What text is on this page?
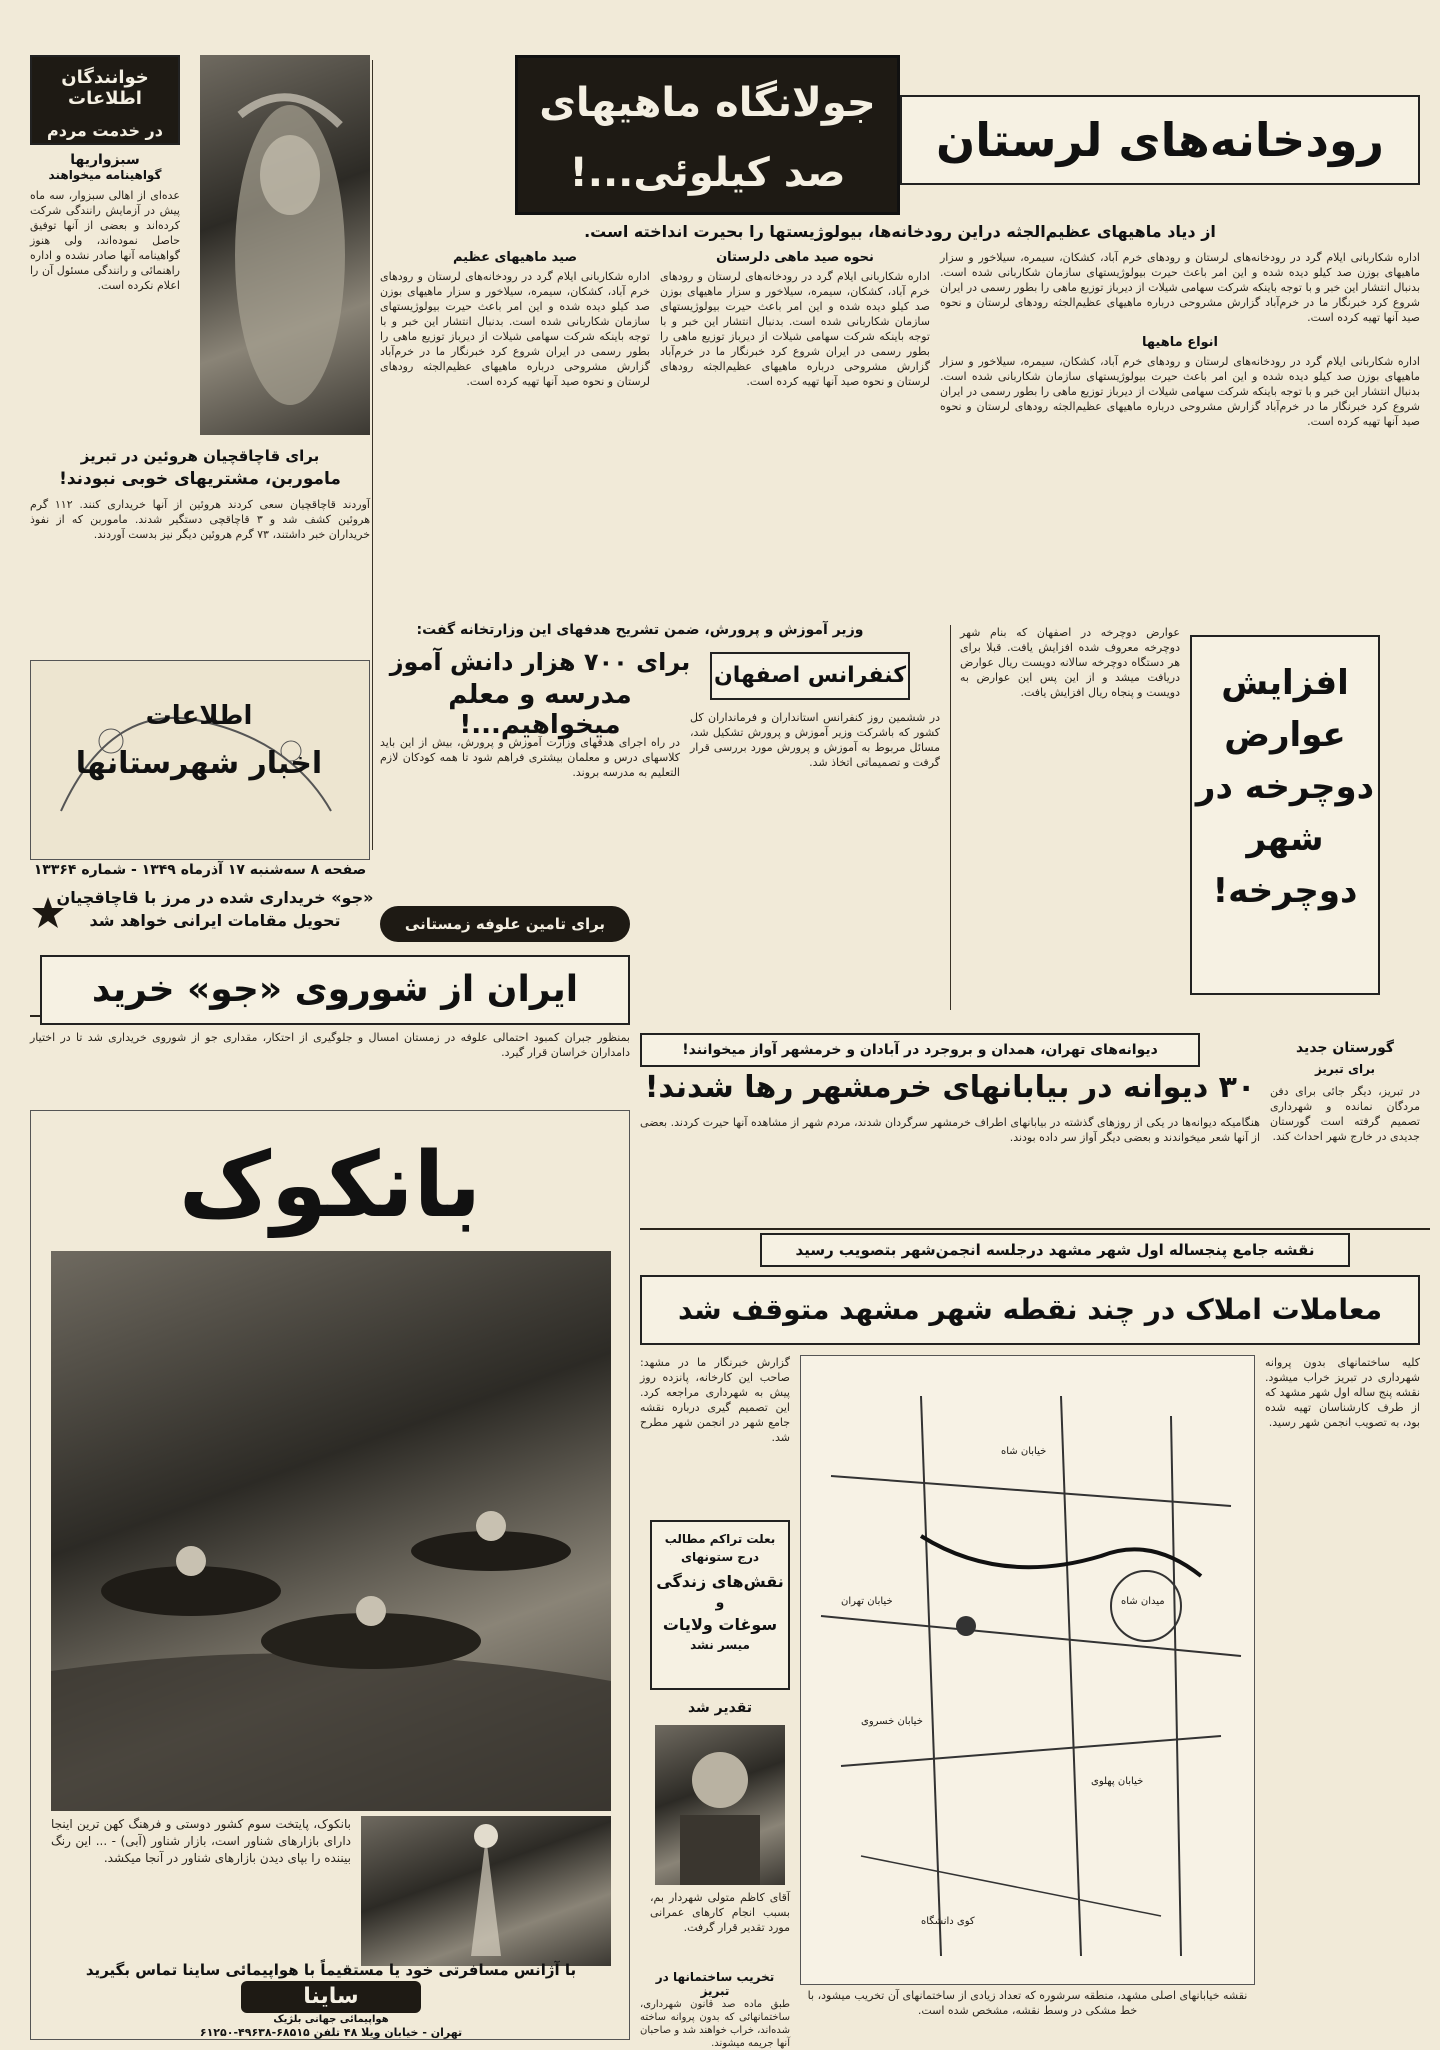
خوانندگان اطلاعات
در خدمت مردم
سبزواریها
گواهینامه میخواهند
عده‌ای از اهالی سبزوار، سه ماه پیش در آزمایش رانندگی شرکت کرده‌اند و بعضی از آنها توفیق حاصل نموده‌اند، ولی هنوز گواهینامه آنها صادر نشده و اداره راهنمائی و رانندگی مسئول آن را اعلام نکرده است.
رودخانه‌های لرستان
جولانگاه ماهیهای صد کیلوئی...!
از دیاد ماهیهای عظیم‌الجثه دراین رودخانه‌ها، بیولوژیستها را بحیرت انداخته است.
اداره شکاربانی ایلام گرد در رودخانه‌های لرستان و رودهای خرم آباد، کشکان، سیمره، سیلاخور و سزار ماهیهای بوزن صد کیلو دیده شده و این امر باعث حیرت بیولوژیستهای سازمان شکاربانی شده است. بدنبال انتشار این خبر و با توجه باینکه شرکت سهامی شیلات از دیرباز توزیع ماهی را بطور رسمی در ایران شروع کرد خبرنگار ما در خرم‌آباد گزارش مشروحی درباره ماهیهای عظیم‌الجثه رودهای لرستان و نحوه صید آنها تهیه کرده است.
انواع ماهیها
اداره شکاربانی ایلام گرد در رودخانه‌های لرستان و رودهای خرم آباد، کشکان، سیمره، سیلاخور و سزار ماهیهای بوزن صد کیلو دیده شده و این امر باعث حیرت بیولوژیستهای سازمان شکاربانی شده است. بدنبال انتشار این خبر و با توجه باینکه شرکت سهامی شیلات از دیرباز توزیع ماهی را بطور رسمی در ایران شروع کرد خبرنگار ما در خرم‌آباد گزارش مشروحی درباره ماهیهای عظیم‌الجثه رودهای لرستان و نحوه صید آنها تهیه کرده است.
نحوه صید ماهی دلرستان
اداره شکاربانی ایلام گرد در رودخانه‌های لرستان و رودهای خرم آباد، کشکان، سیمره، سیلاخور و سزار ماهیهای بوزن صد کیلو دیده شده و این امر باعث حیرت بیولوژیستهای سازمان شکاربانی شده است. بدنبال انتشار این خبر و با توجه باینکه شرکت سهامی شیلات از دیرباز توزیع ماهی را بطور رسمی در ایران شروع کرد خبرنگار ما در خرم‌آباد گزارش مشروحی درباره ماهیهای عظیم‌الجثه رودهای لرستان و نحوه صید آنها تهیه کرده است.
صید ماهیهای عظیم
اداره شکاربانی ایلام گرد در رودخانه‌های لرستان و رودهای خرم آباد، کشکان، سیمره، سیلاخور و سزار ماهیهای بوزن صد کیلو دیده شده و این امر باعث حیرت بیولوژیستهای سازمان شکاربانی شده است. بدنبال انتشار این خبر و با توجه باینکه شرکت سهامی شیلات از دیرباز توزیع ماهی را بطور رسمی در ایران شروع کرد خبرنگار ما در خرم‌آباد گزارش مشروحی درباره ماهیهای عظیم‌الجثه رودهای لرستان و نحوه صید آنها تهیه کرده است.
برای قاچاقچیان هروئین در تبریز
ماموربن، مشتریهای خوبی نبودند!
آوردند قاچاقچیان سعی کردند هروئین از آنها خریداری کنند. ۱۱۲ گرم هروئین کشف شد و ۳ قاچاقچی دستگیر شدند. ماموربن که از نفوذ خریداران خبر داشتند، ۷۳ گرم هروئین دیگر نیز بدست آوردند.
وزیر آموزش و پرورش، ضمن تشریح هدفهای این وزارتخانه گفت:
برای ۷۰۰ هزار دانش آموز
مدرسه و معلم میخواهیم...!
در راه اجرای هدفهای وزارت آموزش و پرورش، بیش از این باید کلاسهای درس و معلمان بیشتری فراهم شود تا همه کودکان لازم التعلیم به مدرسه بروند.
کنفرانس اصفهان
در ششمین روز کنفرانس استانداران و فرمانداران کل کشور که باشرکت وزیر آموزش و پرورش تشکیل شد، مسائل مربوط به آموزش و پرورش مورد بررسی قرار گرفت و تصمیماتی اتخاذ شد.
عوارض دوچرخه در اصفهان که بنام شهر دوچرخه معروف شده افزایش یافت. قبلا برای هر دستگاه دوچرخه سالانه دویست ریال عوارض دریافت میشد و از این پس این عوارض به دویست و پنجاه ریال افزایش یافت.	افزایش عوارض دوچرخه در شهر دوچرخه!
اطلاعات
اخبار شهرستانها
صفحه ۸ سه‌شنبه ۱۷ آذرماه ۱۳۴۹ - شماره ۱۳۳۶۴
«جو» خریداری شده در مرز با قاچاقچیان
تحویل مقامات ایرانی خواهد شد	برای تامین علوفه زمستانی
ایران از شوروی «جو» خرید
بمنظور جبران کمبود احتمالی علوفه در زمستان امسال و جلوگیری از احتکار، مقداری جو از شوروی خریداری شد تا در اختیار دامداران خراسان قرار گیرد.	دیوانه‌های تهران، همدان و بروجرد در آبادان و خرمشهر آواز میخوانند!
۳۰ دیوانه در بیابانهای خرمشهر رها شدند!
هنگامیکه دیوانه‌ها در یکی از روزهای گذشته در بیابانهای اطراف خرمشهر سرگردان شدند، مردم شهر از مشاهده آنها حیرت کردند. بعضی از آنها شعر میخواندند و بعضی دیگر آواز سر داده بودند.
گورستان جدید
برای تبریز
در تبریز، دیگر جائی برای دفن مردگان نمانده و شهرداری تصمیم گرفته است گورستان جدیدی در خارج شهر احداث کند.
نقشه جامع پنجساله اول شهر مشهد درجلسه انجمن‌شهر بتصویب رسید
معاملات املاک در چند نقطه شهر مشهد متوقف شد
گزارش خبرنگار ما در مشهد: صاحب این کارخانه، پانزده روز پیش به شهرداری مراجعه کرد. این تصمیم گیری درباره نقشه جامع شهر در انجمن شهر مطرح شد.
کلیه ساختمانهای بدون پروانه شهرداری در تبریز خراب میشود. نقشه پنج ساله اول شهر مشهد که از طرف کارشناسان تهیه شده بود، به تصویب انجمن شهر رسید.
خیابان شاه
خیابان تهران
خیابان پهلوی
میدان شاه
خیابان خسروی
کوی دانشگاه
نقشه خیابانهای اصلی مشهد، منطقه سرشوره که تعداد زیادی از ساختمانهای آن تخریب میشود، با خط مشکی در وسط نقشه، مشخص شده است.
بعلت تراکم مطالب
درج ستونهای
نقش‌های زندگی
و
سوغات ولایات
میسر نشد
تقدیر شد
آقای کاظم متولی شهردار بم، بسبب انجام کارهای عمرانی مورد تقدیر قرار گرفت.
تخریب ساختمانها در تبریز
طبق ماده صد قانون شهرداری، ساختمانهائی که بدون پروانه ساخته شده‌اند، خراب خواهند شد و صاحبان آنها جریمه میشوند.
بانکوک
بانکوک، پایتخت سوم کشور دوستی و فرهنگ کهن ترین اینجا دارای بازارهای شناور است، بازار شناور (آبی) - ... این رنگ بیننده را بپای دیدن بازارهای شناور در آنجا میکشد.
با آژانس مسافرتی خود یا مستقیماً با هواپیمائی ساینا تماس بگیرید
ساینا
هواپیمائی جهانی بلژیک
تهران - خیابان ویلا ۴۸ تلفن ۶۸۵۱۵-۴۹۶۳۸-۶۱۲۵۰
